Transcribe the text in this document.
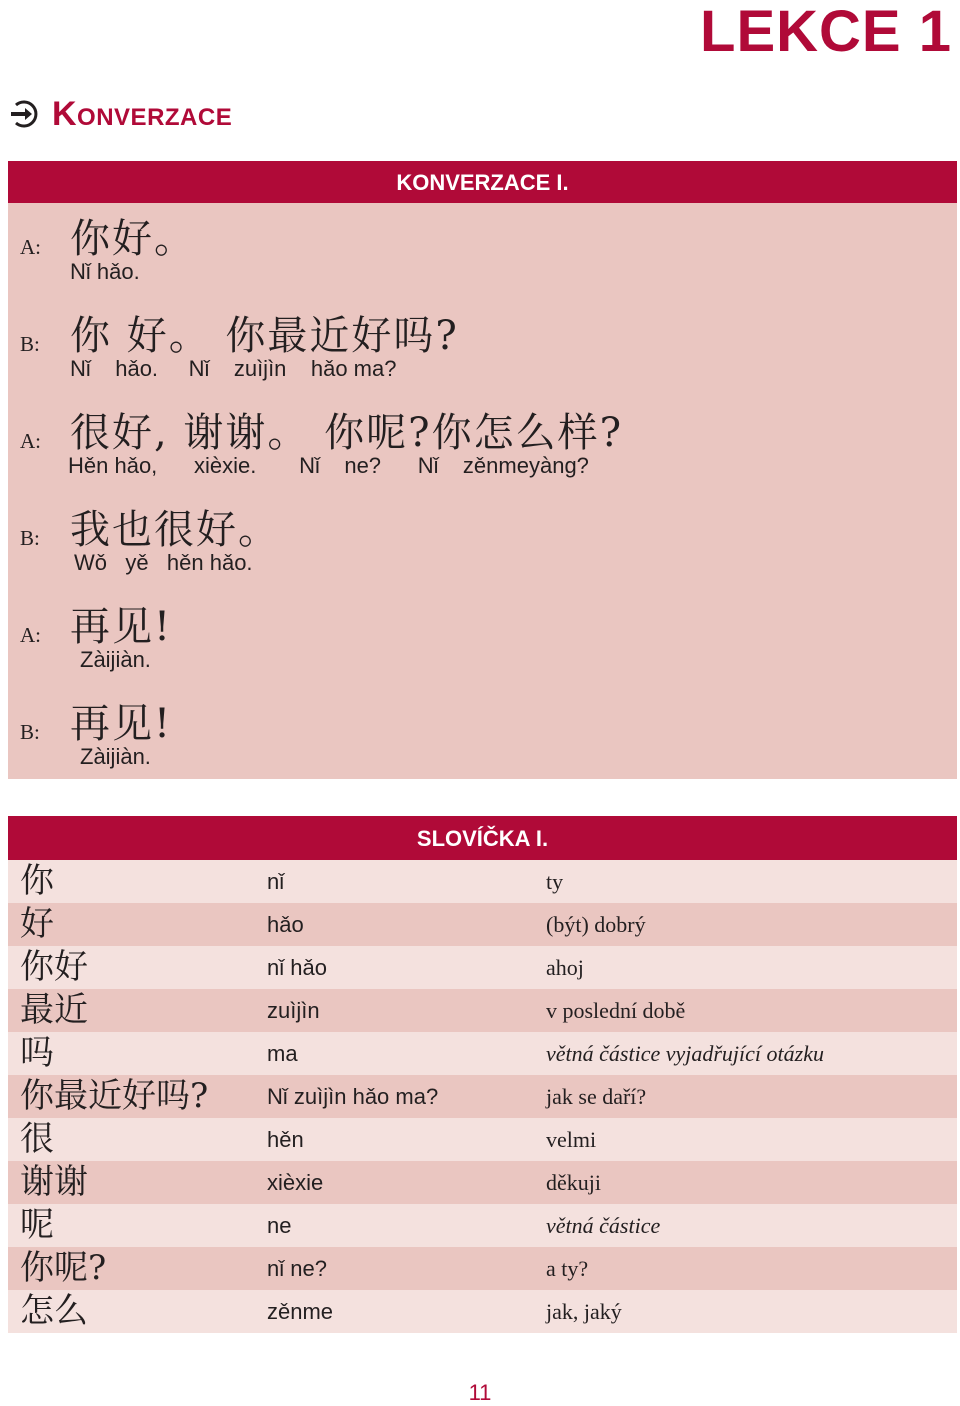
LEKCE 1
Konverzace
KONVERZACE I.
A: 你好。
Nǐ hǎo.
B: 你 好。 你最近好吗?
Nǐ    hǎo.     Nǐ    zuìjìn    hǎo ma?
A: 很好, 谢谢。 你呢?你怎么样?
Hěn hǎo,      xièxie.       Nǐ    ne?      Nǐ    zěnmeyàng?
B: 我也很好。
Wǒ   yě   hěn hǎo.
A: 再见!
Zàijiàn.
B: 再见!
Zàijiàn.
SLOVÍČKA I.
你	nǐ	ty
好	hǎo	(být) dobrý
你好	nǐ hǎo	ahoj
最近	zuìjìn	v poslední době
吗	ma	větná částice vyjadřující otázku
你最近好吗?	Nǐ zuìjìn hǎo ma?	jak se daří?
很	hěn	velmi
谢谢	xièxie	děkuji
呢	ne	větná částice
你呢?	nǐ ne?	a ty?
怎么	zěnme	jak, jaký
11
